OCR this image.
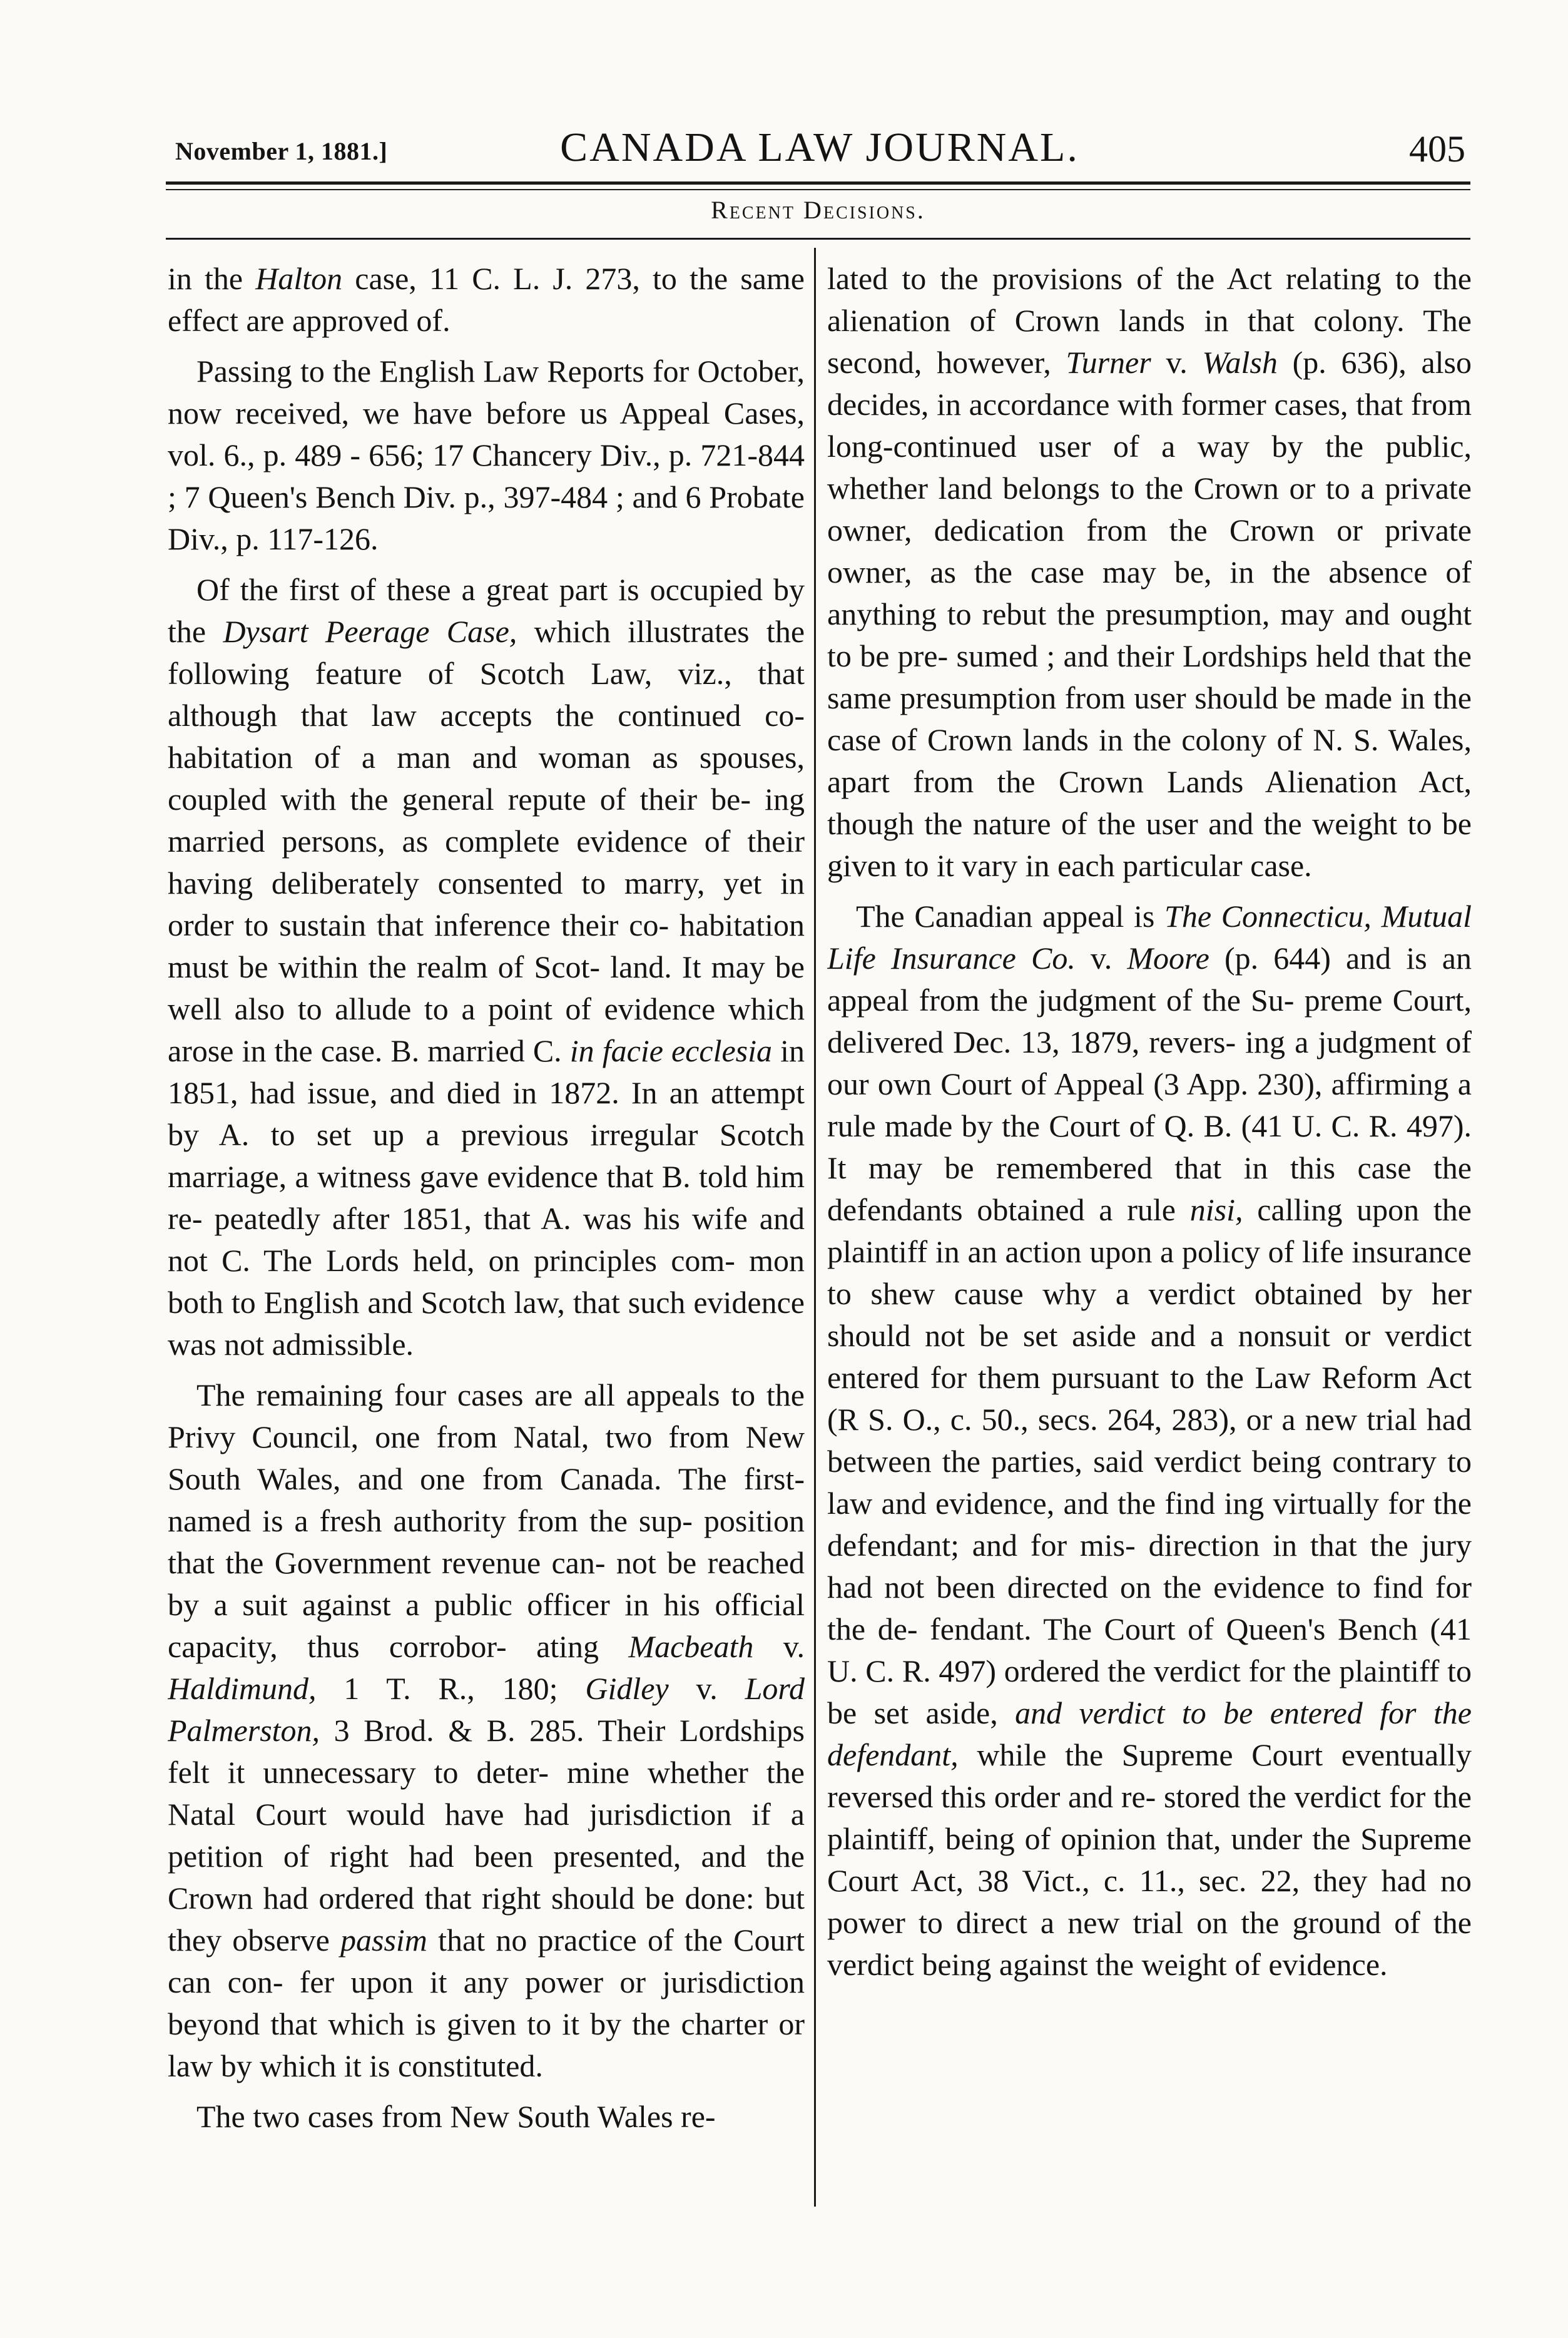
November 1, 1881.]	CANADA LAW JOURNAL.	405
Recent Decisions.

in the Halton case, 11 C. L. J. 273, to the same effect are approved of.

Passing to the English Law Reports for October, now received, we have before us Appeal Cases, vol. 6., p. 489 - 656; 17 Chancery Div., p. 721-844 ; 7 Queen's Bench Div. p., 397-484 ; and 6 Probate Div., p. 117-126.

Of the first of these a great part is occupied by the Dysart Peerage Case, which illustrates the following feature of Scotch Law, viz., that although that law accepts the continued co- habitation of a man and woman as spouses, coupled with the general repute of their be- ing married persons, as complete evidence of their having deliberately consented to marry, yet in order to sustain that inference their co- habitation must be within the realm of Scot- land. It may be well also to allude to a point of evidence which arose in the case. B. married C. in facie ecclesia in 1851, had issue, and died in 1872. In an attempt by A. to set up a previous irregular Scotch marriage, a witness gave evidence that B. told him re- peatedly after 1851, that A. was his wife and not C. The Lords held, on principles com- mon both to English and Scotch law, that such evidence was not admissible.

The remaining four cases are all appeals to the Privy Council, one from Natal, two from New South Wales, and one from Canada. The first-named is a fresh authority from the sup- position that the Government revenue can- not be reached by a suit against a public officer in his official capacity, thus corrobor- ating Macbeath v. Haldimund, 1 T. R., 180; Gidley v. Lord Palmerston, 3 Brod. & B. 285. Their Lordships felt it unnecessary to deter- mine whether the Natal Court would have had jurisdiction if a petition of right had been presented, and the Crown had ordered that right should be done: but they observe passim that no practice of the Court can con- fer upon it any power or jurisdiction beyond that which is given to it by the charter or law by which it is constituted.

The two cases from New South Wales re-

lated to the provisions of the Act relating to the alienation of Crown lands in that colony. The second, however, Turner v. Walsh (p. 636), also decides, in accordance with former cases, that from long-continued user of a way by the public, whether land belongs to the Crown or to a private owner, dedication from the Crown or private owner, as the case may be, in the absence of anything to rebut the presumption, may and ought to be pre- sumed ; and their Lordships held that the same presumption from user should be made in the case of Crown lands in the colony of N. S. Wales, apart from the Crown Lands Alienation Act, though the nature of the user and the weight to be given to it vary in each particular case.

The Canadian appeal is The Connecticu, Mutual Life Insurance Co. v. Moore (p. 644) and is an appeal from the judgment of the Su- preme Court, delivered Dec. 13, 1879, revers- ing a judgment of our own Court of Appeal (3 App. 230), affirming a rule made by the Court of Q. B. (41 U. C. R. 497). It may be remembered that in this case the defendants obtained a rule nisi, calling upon the plaintiff in an action upon a policy of life insurance to shew cause why a verdict obtained by her should not be set aside and a nonsuit or verdict entered for them pursuant to the Law Reform Act (R S. O., c. 50., secs. 264, 283), or a new trial had between the parties, said verdict being contrary to law and evidence, and the find ing virtually for the defendant; and for mis- direction in that the jury had not been directed on the evidence to find for the de- fendant. The Court of Queen's Bench (41 U. C. R. 497) ordered the verdict for the plaintiff to be set aside, and verdict to be entered for the defendant, while the Supreme Court eventually reversed this order and re- stored the verdict for the plaintiff, being of opinion that, under the Supreme Court Act, 38 Vict., c. 11., sec. 22, they had no power to direct a new trial on the ground of the verdict being against the weight of evidence.
